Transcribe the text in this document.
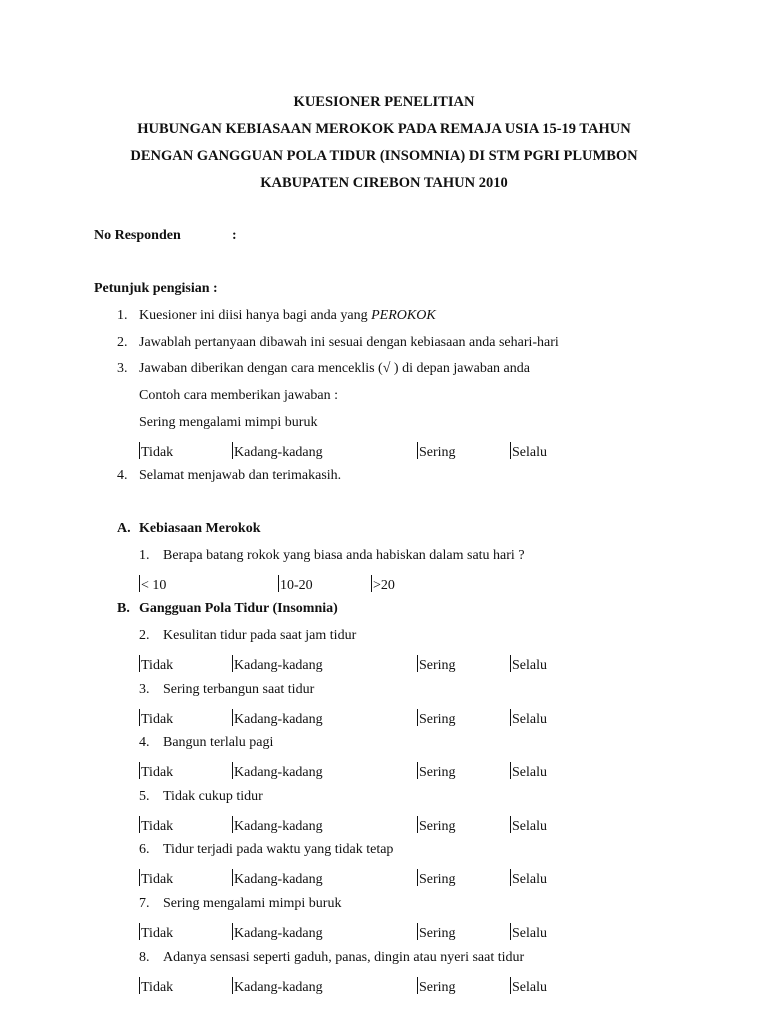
KUESIONER PENELITIAN
HUBUNGAN KEBIASAAN MEROKOK PADA REMAJA USIA 15-19 TAHUN
DENGAN GANGGUAN POLA TIDUR (INSOMNIA) DI STM PGRI PLUMBON
KABUPATEN CIREBON TAHUN 2010
No Responden	:
Petunjuk pengisian :
1. Kuesioner ini diisi hanya bagi anda yang PEROKOK
2. Jawablah pertanyaan dibawah ini sesuai dengan kebiasaan anda sehari-hari
3. Jawaban diberikan dengan cara menceklis (√ ) di depan jawaban anda
Contoh cara memberikan jawaban :
Sering mengalami mimpi buruk
Tidak	Kadang-kadang	Sering	Selalu
4. Selamat menjawab dan terimakasih.
A. Kebiasaan Merokok
1. Berapa batang rokok yang biasa anda habiskan dalam satu hari ?
< 10	10-20	>20
B. Gangguan Pola Tidur (Insomnia)
2. Kesulitan tidur pada saat jam tidur
Tidak	Kadang-kadang	Sering	Selalu
3. Sering terbangun saat tidur
Tidak	Kadang-kadang	Sering	Selalu
4. Bangun terlalu pagi
Tidak	Kadang-kadang	Sering	Selalu
5. Tidak cukup tidur
Tidak	Kadang-kadang	Sering	Selalu
6. Tidur terjadi pada waktu yang tidak tetap
Tidak	Kadang-kadang	Sering	Selalu
7. Sering mengalami mimpi buruk
Tidak	Kadang-kadang	Sering	Selalu
8. Adanya sensasi seperti gaduh, panas, dingin atau nyeri saat tidur
Tidak	Kadang-kadang	Sering	Selalu
